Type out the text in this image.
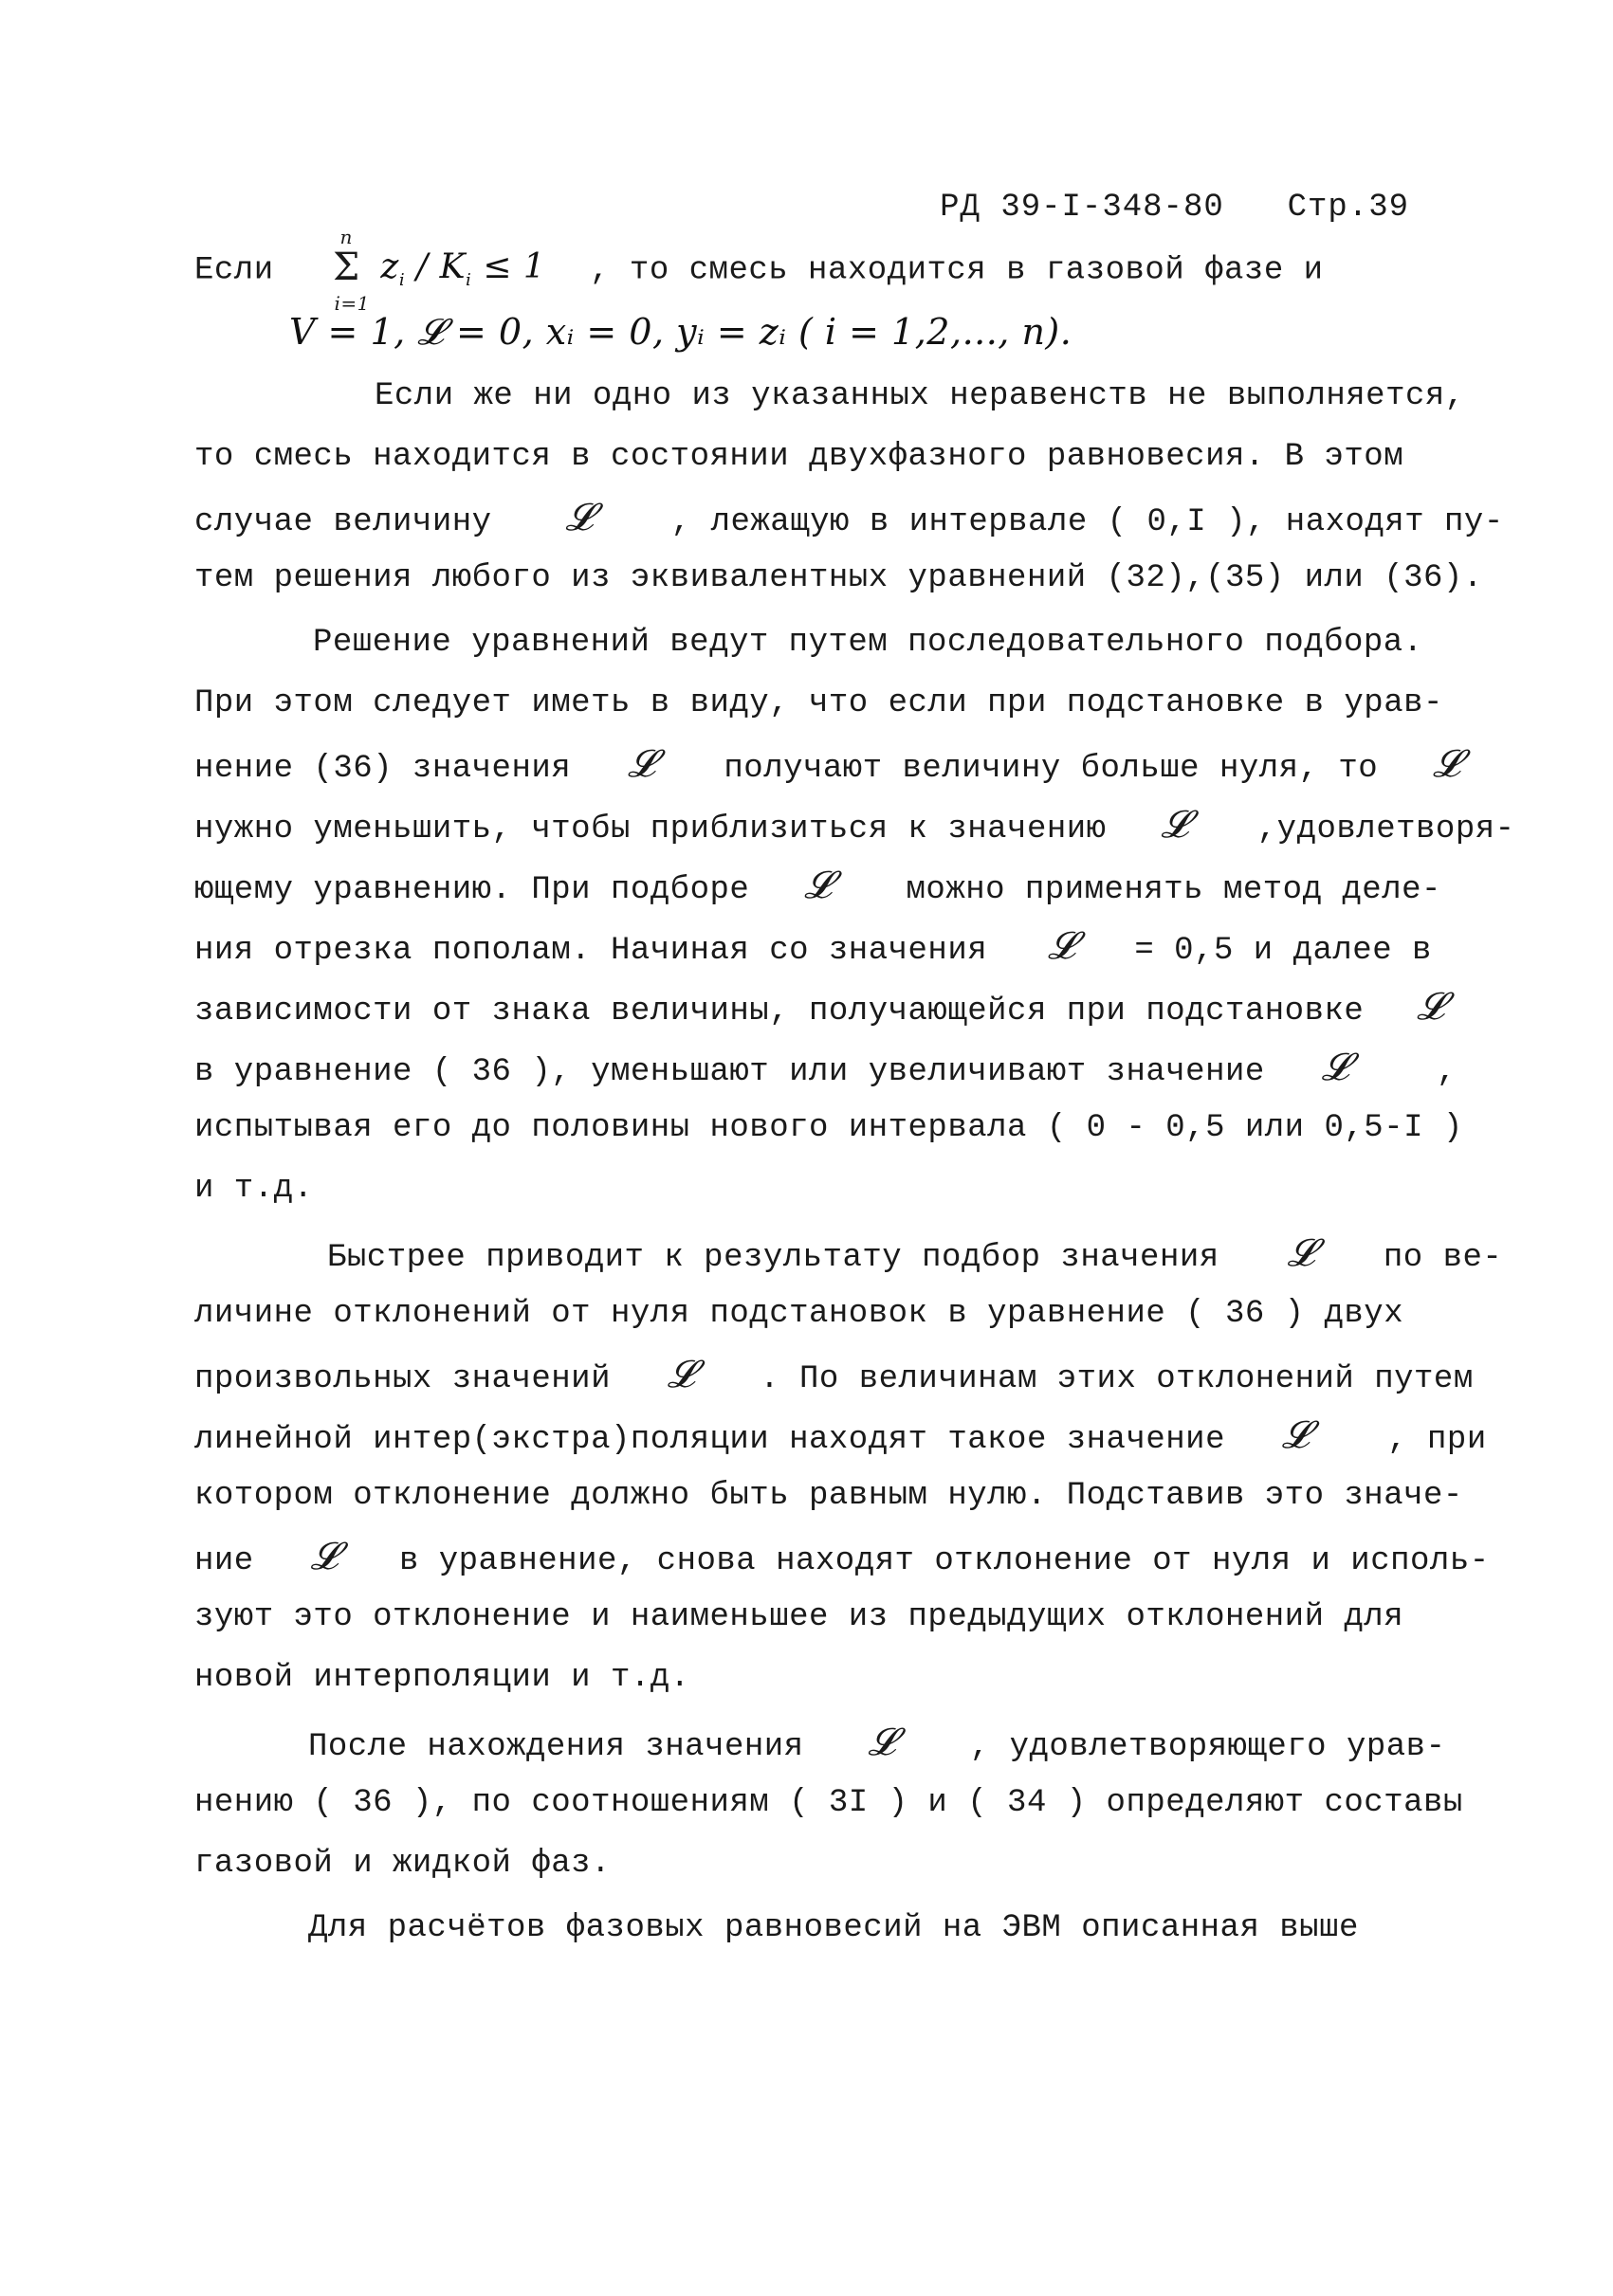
РД 39-I-348-80 Стр.39
Если
n
Σ
i=1
$z_i / K_i \le 1$ , то смесь находится в газовой фазе и
V = 1, 𝓛 = 0, xᵢ = 0, yᵢ = zᵢ ( i = 1,2,..., n).
Если же ни одно из указанных неравенств не выполняется,
то смесь находится в состоянии двухфазного равновесия. В этом
случае величину 𝓛 , лежащую в интервале ( 0,I ), находят пу-
тем решения любого из эквивалентных уравнений (32),(35) или (36).
Решение уравнений ведут путем последовательного подбора.
При этом следует иметь в виду, что если при подстановке в урав-
нение (36) значения 𝓛 получают величину больше нуля, то 𝓛
нужно уменьшить, чтобы приблизиться к значению 𝓛 ,удовлетворя-
ющему уравнению. При подборе 𝓛 можно применять метод деле-
ния отрезка пополам. Начиная со значения 𝓛 = 0,5 и далее в
зависимости от знака величины, получающейся при подстановке 𝓛
в уравнение ( 36 ), уменьшают или увеличивают значение 𝓛	,
испытывая его до половины нового интервала ( 0 - 0,5 или 0,5-I )
и т.д.
Быстрее приводит к результату подбор значения 𝓛 по ве-
личине отклонений от нуля подстановок в уравнение ( 36 ) двух
произвольных значений 𝓛 . По величинам этих отклонений путем
линейной интер(экстра)поляции находят такое значение 𝓛 , при
котором отклонение должно быть равным нулю. Подставив это значе-
ние 𝓛 в уравнение, снова находят отклонение от нуля и исполь-
зуют это отклонение и наименьшее из предыдущих отклонений для
новой интерполяции и т.д.
После нахождения значения 𝓛 , удовлетворяющего урав-
нению ( 36 ), по соотношениям ( 3I ) и ( 34 ) определяют составы
газовой и жидкой фаз.
Для расчётов фазовых равновесий на ЭВМ описанная выше
